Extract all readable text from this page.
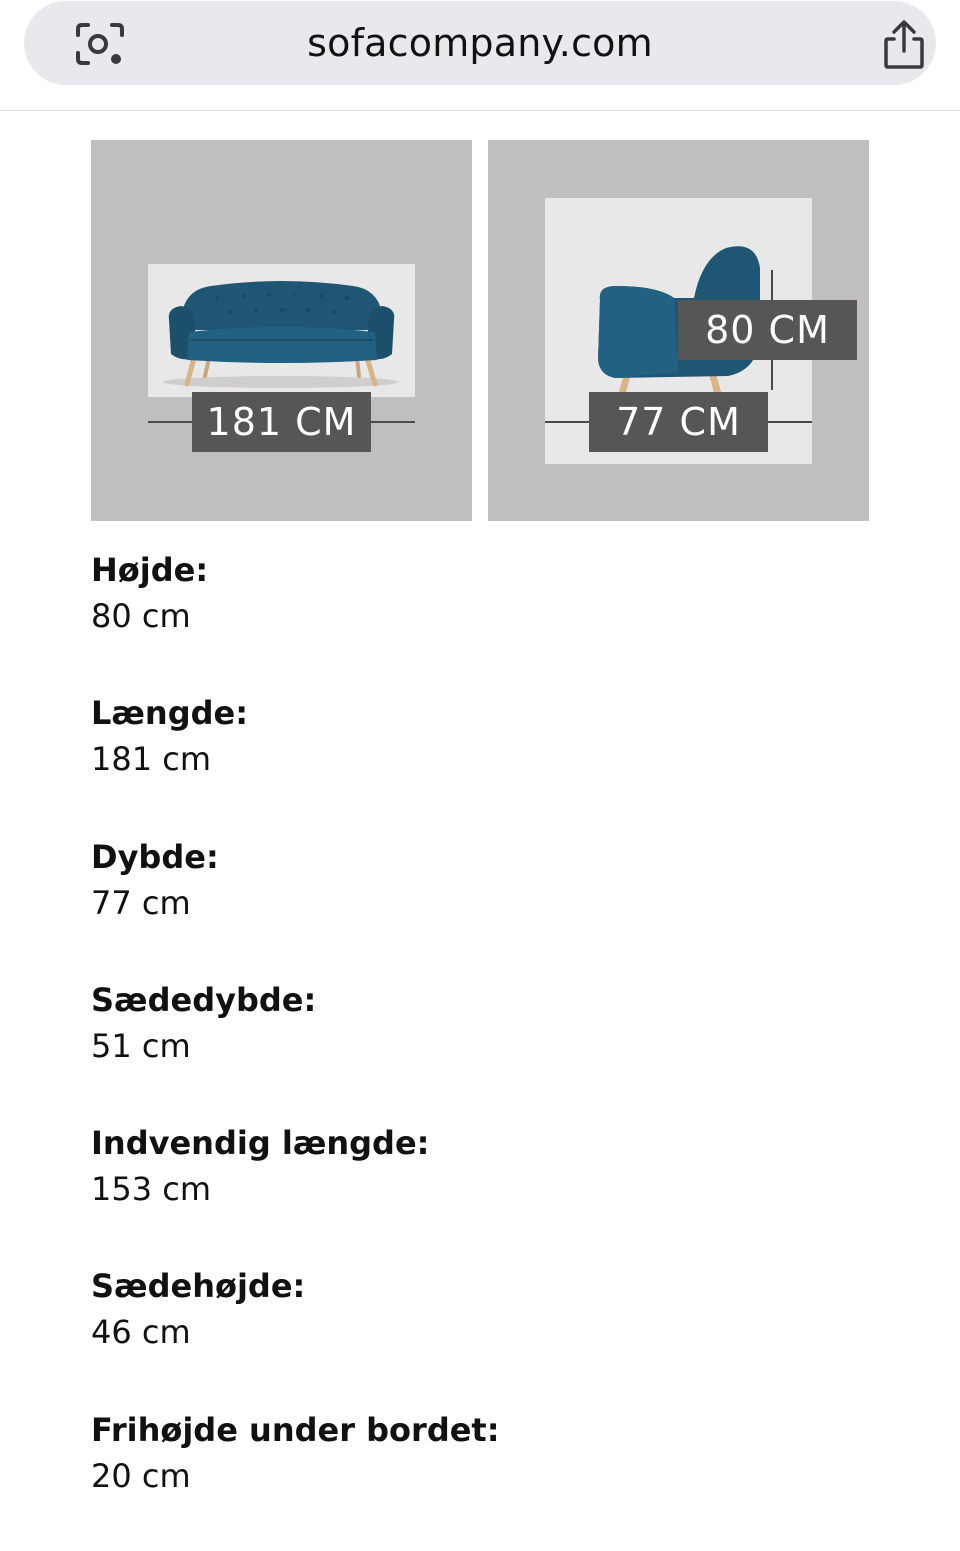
sofacompany.com
181 CM
80 CM
77 CM
Højde:
80 cm
Længde:
181 cm
Dybde:
77 cm
Sædedybde:
51 cm
Indvendig længde:
153 cm
Sædehøjde:
46 cm
Frihøjde under bordet:
20 cm
